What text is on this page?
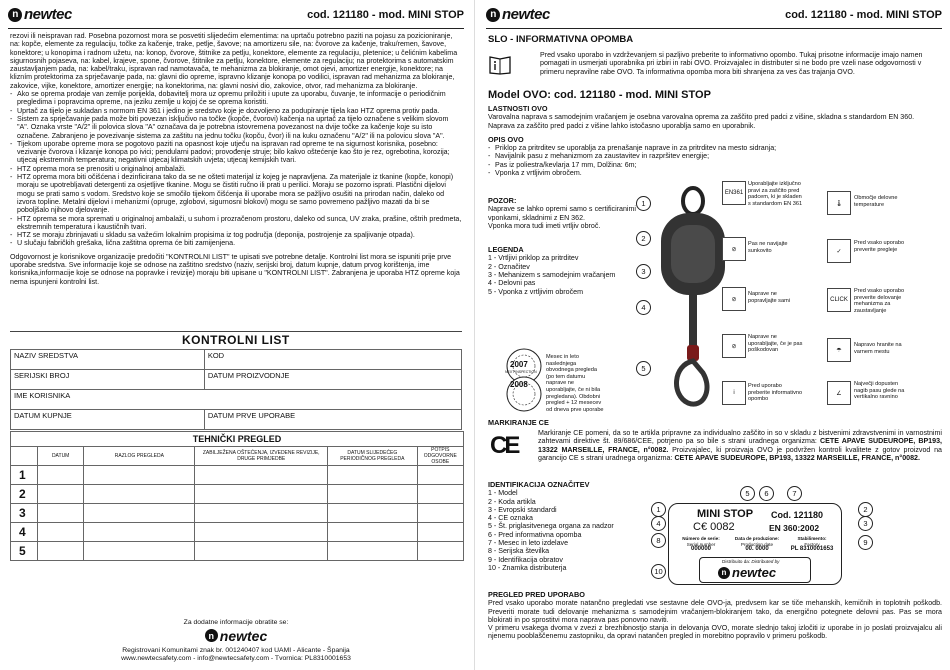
n newtec	cod. 121180 - mod. MINI STOP
rezovi ili neispravan rad. Posebna pozornost mora se posvetiti slijedećim elementima: na uprtaču potrebno paziti na pojasu za pozicioniranje, na: kopče, elemente za regulaciju, točke za kačenje, trake, petlje, šavove; na amortizeru sile, na: čvorove za kačenje, traku/remen, šavove, konektore; u konopima i radnom užetu, na: konop, čvorove, štitnike za petlju, konektore, elemente za regulaciju, pletenice; u čelićnim kabelima sigurnosnih pojaseva, na: kabel, krajeve, spone, čvorove, štitnike za petlju, konektore, elemente za regulaciju; na protektorima s automatskim zaustavljanjem pada, na: kabel/traku, ispravan rad namotavača, te mehanizma za blokiranje, omot ojevi, amortizer energije, konektore; na klizním protektorima za sprječavanje pada, na: glavni dio opreme, ispravno klizanje konopa po vodilici, ispravan rad mehanizma za blokiranje, zakovice, vijke, konektore, amortizer energije; na konektorima, na: glavni nosivi dio, zakovice, otvor, rad mehanizma za blokiranje.
- Ako se oprema prodaje van zemlje porijekla, dobavitelj mora uz opremu priložiti i upute za uporabu, čuvanje, te informacije o periodičnim pregledima i popravcima opreme, na jeziku zemlje u kojoj će se oprema koristiti.
- Uprtač za tijelo je sukladan s normom EN 361 i jedino je sredstvo koje je dozvoljeno za podupiranje tijela kao HTZ oprema protiv pada.
- Sistem za sprječavanje pada može biti povezan isključivo na točke (kopče, čvorovi) kačenja na uprtač za tijelo označene s velikim slovom "A". Oznaka vrste "A/2" ili polovica slova "A" označava da je potrebna istovremena povezanost na dvije točke za kačenje koje su isto označene. Zabranjeno je povezivanje sistema za zaštitu na jednu točku (kopču, čvor) ili na kuku označenu "A/2" ili na polovicu slova "A".
- Tijekom uporabe opreme mora se pogotovo paziti na opasnost koje utječu na ispravan rad opreme te na sigurnost korisnika, posebno: vezivanje čvorova i klizanje konopa po ivici; pendularni padovi; provođenje struje; bilo kakvo oštećenje kao što je rez, ogrebotina, korozija; utjecaj ekstremnih temperatura; negativni utjecaj klimatskih uvjeta; utjecaj kemijskih tvari.
- HTZ oprema mora se prenositi u originalnoj ambalaži.
- HTZ oprema mora biti očišćena i dezinficirana tako da se ne ošteti materijal iz kojeg je napravljena. Za materijale iz tkanine (kopče, konopi) moraju se upotrebljavati detergenti za osjetljive tkanine. Mogu se čistiti ručno ili prati u perilici. Moraju se pozorno isprati. Plastični dijelovi mogu se prati samo s vodom. Sredstvo koje se smočilo tijekom čišćenja ili uporabe mora se pažljivo osušiti na prirodan način, daleko od izvora topline. Metalni dijelovi i mehanizmi (opruge, zglobovi, sigurnosni blokovi) mogu se samo povremeno pažljivo mazati da bi se poboljšalo njihovo djelovanje.
- HTZ oprema se mora spremati u originalnoj ambalaži, u suhom i prozračenom prostoru, daleko od sunca, UV zraka, prašine, oštrih predmeta, ekstremnih temperatura i kaustičnih tvari.
- HTZ se moraju zbrinjavati u skladu sa važećim lokalnim propisima iz tog područja (deponija, postrojenje za spaljivanje otpada).
- U slučaju fabričkih grešaka, ličnа zaštitna oprema će biti zamijenjena.
Odgovornost je korisnikove organizacije predočiti "KONTROLNI LIST" te upisati sve potrebne detalje. Kontrolni list mora se ispuniti prije prve uporabe sredstva. Sve informacije koje se odnose na zaštitno sredstvo (naziv, serijski broj, datum kupnje, datum prvog korištenja, ime korisnika,informacije koje se odnose na popravke i revizije) moraju biti upisane u "KONTROLNI LIST". Zabranjena je uporaba HTZ opreme koja nema ispunjeni kontrolni list.
KONTROLNI LIST
NAZIV SREDSTVA	KOD
SERIJSKI BROJ	DATUM PROIZVODNJE
IME KORISNIKA	
DATUM KUPNJE	DATUM PRVE UPORABE
TEHNIČKI PREGLED
	DATUM	RAZLOG PREGLEDA	ZABILJEŽENA OŠTEĆENJA, IZVEDENE REVIZIJE, DRUGE PRIMJEDBE	DATUM SLIJEDEĆEG PERIODIČNOG PREGLEDA	POTPIS ODGOVORNE OSOBE
1					
2					
3					
4					
5					
Za dodatne informacije obratite se:
n newtec
Registrovani Komunitami znak br. 001240407 kod UAMI - Alicante - Španija
www.newtecsafety.com - info@newtecsafety.com - Tvornica: PL8310001653
n newtec	cod. 121180 - mod. MINI STOP
SLO - INFORMATIVNA OPOMBA
Pred vsako uporabo in vzdrževanjem si pazljivo preberite to informativno opombo. Tukaj prisotne informacije imajo namen pomagati in usmerjati uporabnika pri izbiri in rabi OVO. Proizvajalec in distributer si ne bodo pre vzeli nase odgovornosti v primeru nepravilne rabe OVO. Ta informativna opomba mora biti shranjena za ves čas trajanja OVO.
Model OVO: cod. 121180 - mod. MINI STOP
LASTNOSTI OVO
Varovalna naprava s samodejnim vračanjem je osebna varovalna oprema za zaščito pred padci z višine, skladna s standardom EN 360.
Naprava za zaščito pred padci z višine lahko istočasno uporablja samo en uporabnik.
OPIS OVO
- Priklop za pritrditev se uporablja za prenašanje naprave in za pritrditev na mesto sidranja;
- Navijalnik pasu z mehanizmom za zaustavitev in razpršitev energije;
- Pas iz poliestra/kevlarja 17 mm, Dolžina: 6m;
- Vponka z vrtljivim obročem.
POZOR:
Naprave se lahko opremi samo s certificiranimi vponkami, skladnimi z EN 362.
Vponka mora tudi imeti vrtljiv obroč.
LEGENDA
1 - Vrtljivi priklop za pritrditev
2 - Označitev
3 - Mehanizem s samodejnim vračanjem
4 - Delovni pas
5 - Vponka z vrtljivim obročem
1
2
3
4
5
2007
NEXT INSPECTION
2008
Mesec in leto naslednjega obvodnega pregleda (po tem datumu naprave ne uporabljajte, če ni bila pregledana). Obdobni pregled + 12 mesecev od dneva prve uporabe
EN361
Uporabljajte izključno pravi za zaščito pred padcem, ki je skladen s standardom EN 361
⊘
Pas ne navijajte sunkovito
⊘
Naprave ne popravljajte sami
⊘
Naprave ne uporabljajte, če je pas poškodovan
i
Pred uporabo preberite informativno opombo
🌡
Območje delovne temperature
✓
Pred vsako uporabo preverite pregleje
CLICK
Pred vsako uporabo preverite delovanje mehanizma za zaustavljanje
☂
Napravo hranite na varnem mestu
∠
Največji dopusten nagib pasu glede na vertikalno ravnino
MARKIRANJE CE
CE	Markiranje CE pomeni, da so te artikla pripravne za individualno zaščito in so v skladu z bistvenimi zdravstvenimi in varnostnimi zahtevami direktive št. 89/686/CEE, potrjeno pa so bile s strani uradnega organizma: CETE APAVE SUDEUROPE, BP193, 13322 MARSEILLE, FRANCE, n°0082. Proizvajalec, ki proizvaja OVO je podvržen kontroli kvalitete z gotov proizvod na garancijo CE s strani uradnega organizma: CETE APAVE SUDEUROPE, BP193, 13322 MARSEILLE, FRANCE, n°0082.
IDENTIFIKACIJA OZNAČITEV
1 - Model
2 - Koda artikla
3 - Evropski standardi
4 - CE oznaka
5 - Št. priglasitvenega organa za nadzor
6 - Pred informativna opomba
7 - Mesec in leto izdelave
8 - Serijska številka
9 - Identifikacija obratov
10 - Znamka distributerja
MINI STOP Cod. 121180
C€ 0082	EN 360:2002
Número de serie:
Serial number
000000
Data de produzione:
Production date
00. 0000
Stabilimento:
Factory
PL 8310001653
Distribuito da: Distributed by
n newtec
5	6	7
1	2
4	3
8	9
10
PREGLED PRED UPORABO
Pred vsako uporabo morate natančno pregledati vse sestavne dele OVO-ja, predvsem kar se tiče mehanskih, kemičnih in toplotnih poškodb. Preveriti morate tudi delovanje mehanizma s samodejnim vračanjem-blokiranjem tako, da energično potegnete delovni pas. Pas se mora blokirati in po sprostitvi mora naprava pas ponovno naviti.
V primeru vsakega dvoma v zvezi z brezhibnostjo stanja in delovanja OVO, morate slednjo takoj izločiti iz uporabe in jo poslati proizvajalcu ali njenemu pooblaščenemu zastopniku, da opravi natančen pregled in morebitno popravilo v primeru poškodb.
